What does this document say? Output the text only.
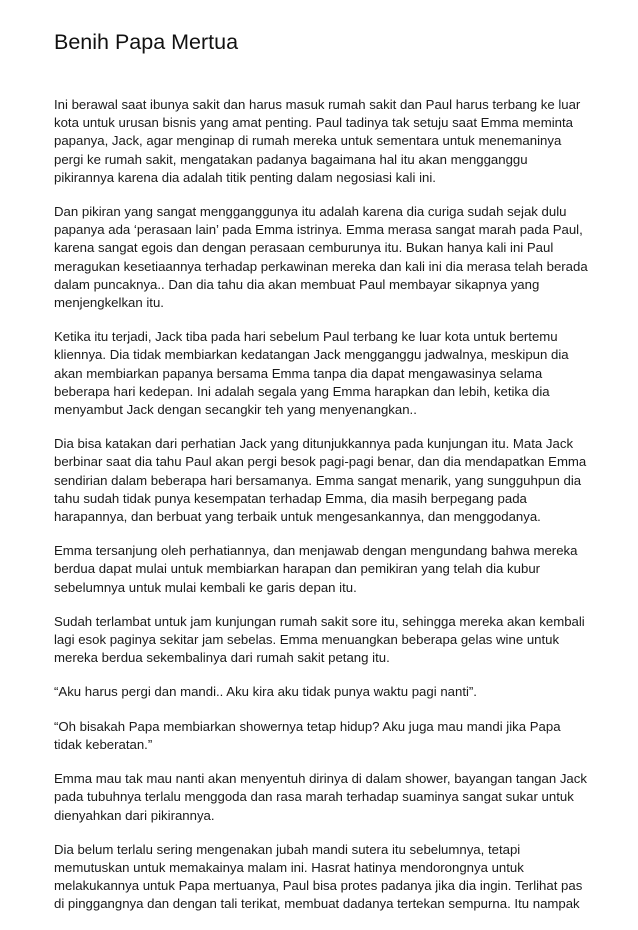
Benih Papa Mertua

Ini berawal saat ibunya sakit dan harus masuk rumah sakit dan Paul harus terbang ke luar kota untuk urusan bisnis yang amat penting. Paul tadinya tak setuju saat Emma meminta papanya, Jack, agar menginap di rumah mereka untuk sementara untuk menemaninya pergi ke rumah sakit, mengatakan padanya bagaimana hal itu akan mengganggu pikirannya karena dia adalah titik penting dalam negosiasi kali ini.

Dan pikiran yang sangat mengganggunya itu adalah karena dia curiga sudah sejak dulu papanya ada ‘perasaan lain’ pada Emma istrinya. Emma merasa sangat marah pada Paul, karena sangat egois dan dengan perasaan cemburunya itu. Bukan hanya kali ini Paul meragukan kesetiaannya terhadap perkawinan mereka dan kali ini dia merasa telah berada dalam puncaknya.. Dan dia tahu dia akan membuat Paul membayar sikapnya yang menjengkelkan itu.

Ketika itu terjadi, Jack tiba pada hari sebelum Paul terbang ke luar kota untuk bertemu kliennya. Dia tidak membiarkan kedatangan Jack mengganggu jadwalnya, meskipun dia akan membiarkan papanya bersama Emma tanpa dia dapat mengawasinya selama beberapa hari kedepan. Ini adalah segala yang Emma harapkan dan lebih, ketika dia menyambut Jack dengan secangkir teh yang menyenangkan..

Dia bisa katakan dari perhatian Jack yang ditunjukkannya pada kunjungan itu. Mata Jack berbinar saat dia tahu Paul akan pergi besok pagi-pagi benar, dan dia mendapatkan Emma sendirian dalam beberapa hari bersamanya. Emma sangat menarik, yang sungguhpun dia tahu sudah tidak punya kesempatan terhadap Emma, dia masih berpegang pada harapannya, dan berbuat yang terbaik untuk mengesankannya, dan menggodanya.

Emma tersanjung oleh perhatiannya, dan menjawab dengan mengundang bahwa mereka berdua dapat mulai untuk membiarkan harapan dan pemikiran yang telah dia kubur sebelumnya untuk mulai kembali ke garis depan itu.

Sudah terlambat untuk jam kunjungan rumah sakit sore itu, sehingga mereka akan kembali lagi esok paginya sekitar jam sebelas. Emma menuangkan beberapa gelas wine untuk mereka berdua sekembalinya dari rumah sakit petang itu.

“Aku harus pergi dan mandi.. Aku kira aku tidak punya waktu pagi nanti”.

“Oh bisakah Papa membiarkan showernya tetap hidup? Aku juga mau mandi jika Papa tidak keberatan.”

Emma mau tak mau nanti akan menyentuh dirinya di dalam shower, bayangan tangan Jack pada tubuhnya terlalu menggoda dan rasa marah terhadap suaminya sangat sukar untuk dienyahkan dari pikirannya.

Dia belum terlalu sering mengenakan jubah mandi sutera itu sebelumnya, tetapi memutuskan untuk memakainya malam ini. Hasrat hatinya mendorongnya untuk melakukannya untuk Papa mertuanya, Paul bisa protes padanya jika dia ingin. Terlihat pas di pinggangnya dan dengan tali terikat, membuat dadanya tertekan sempurna. Itu nampak
